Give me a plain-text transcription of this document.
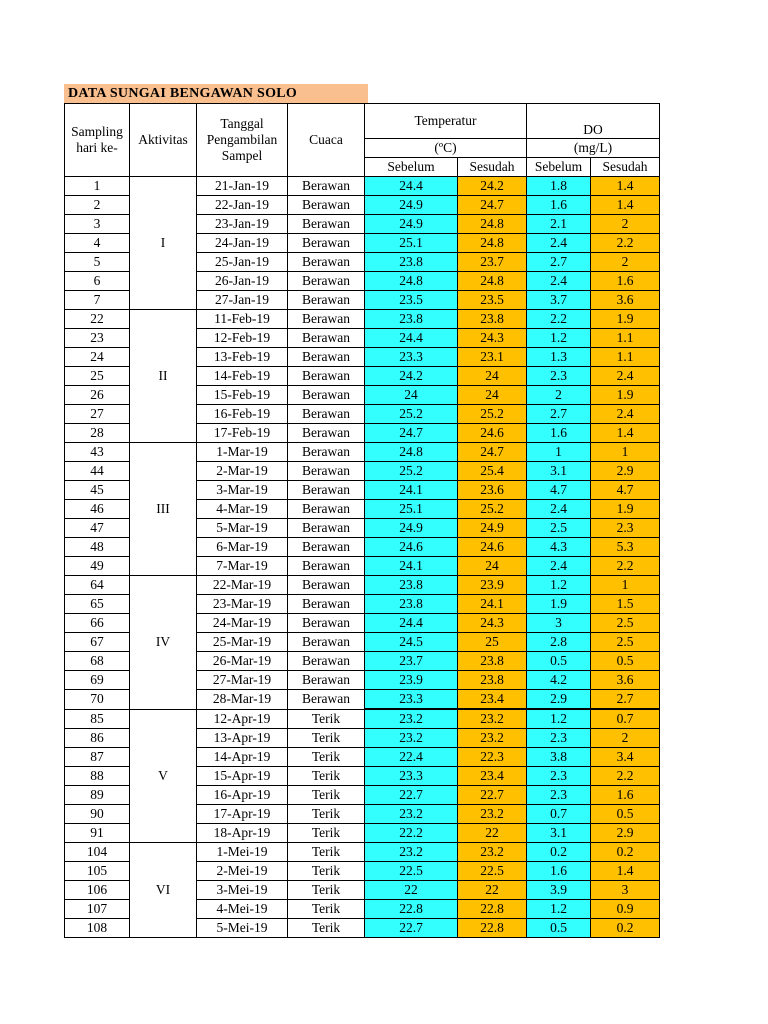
DATA SUNGAI BENGAWAN SOLO
Sampling hari ke-	Aktivitas	Tanggal Pengambilan Sampel	Cuaca	Temperatur		DO	
				(ºC)		(mg/L)	
				Sebelum	Sesudah	Sebelum	Sesudah
1	I	21-Jan-19	Berawan	24.4	24.2	1.8	1.4
2		22-Jan-19	Berawan	24.9	24.7	1.6	1.4
3		23-Jan-19	Berawan	24.9	24.8	2.1	2
4		24-Jan-19	Berawan	25.1	24.8	2.4	2.2
5		25-Jan-19	Berawan	23.8	23.7	2.7	2
6		26-Jan-19	Berawan	24.8	24.8	2.4	1.6
7		27-Jan-19	Berawan	23.5	23.5	3.7	3.6
22	II	11-Feb-19	Berawan	23.8	23.8	2.2	1.9
23		12-Feb-19	Berawan	24.4	24.3	1.2	1.1
24		13-Feb-19	Berawan	23.3	23.1	1.3	1.1
25		14-Feb-19	Berawan	24.2	24	2.3	2.4
26		15-Feb-19	Berawan	24	24	2	1.9
27		16-Feb-19	Berawan	25.2	25.2	2.7	2.4
28		17-Feb-19	Berawan	24.7	24.6	1.6	1.4
43	III	1-Mar-19	Berawan	24.8	24.7	1	1
44		2-Mar-19	Berawan	25.2	25.4	3.1	2.9
45		3-Mar-19	Berawan	24.1	23.6	4.7	4.7
46		4-Mar-19	Berawan	25.1	25.2	2.4	1.9
47		5-Mar-19	Berawan	24.9	24.9	2.5	2.3
48		6-Mar-19	Berawan	24.6	24.6	4.3	5.3
49		7-Mar-19	Berawan	24.1	24	2.4	2.2
64	IV	22-Mar-19	Berawan	23.8	23.9	1.2	1
65		23-Mar-19	Berawan	23.8	24.1	1.9	1.5
66		24-Mar-19	Berawan	24.4	24.3	3	2.5
67		25-Mar-19	Berawan	24.5	25	2.8	2.5
68		26-Mar-19	Berawan	23.7	23.8	0.5	0.5
69		27-Mar-19	Berawan	23.9	23.8	4.2	3.6
70		28-Mar-19	Berawan	23.3	23.4	2.9	2.7
85	V	12-Apr-19	Terik	23.2	23.2	1.2	0.7
86		13-Apr-19	Terik	23.2	23.2	2.3	2
87		14-Apr-19	Terik	22.4	22.3	3.8	3.4
88		15-Apr-19	Terik	23.3	23.4	2.3	2.2
89		16-Apr-19	Terik	22.7	22.7	2.3	1.6
90		17-Apr-19	Terik	23.2	23.2	0.7	0.5
91		18-Apr-19	Terik	22.2	22	3.1	2.9
104	VI	1-Mei-19	Terik	23.2	23.2	0.2	0.2
105		2-Mei-19	Terik	22.5	22.5	1.6	1.4
106		3-Mei-19	Terik	22	22	3.9	3
107		4-Mei-19	Terik	22.8	22.8	1.2	0.9
108		5-Mei-19	Terik	22.7	22.8	0.5	0.2
